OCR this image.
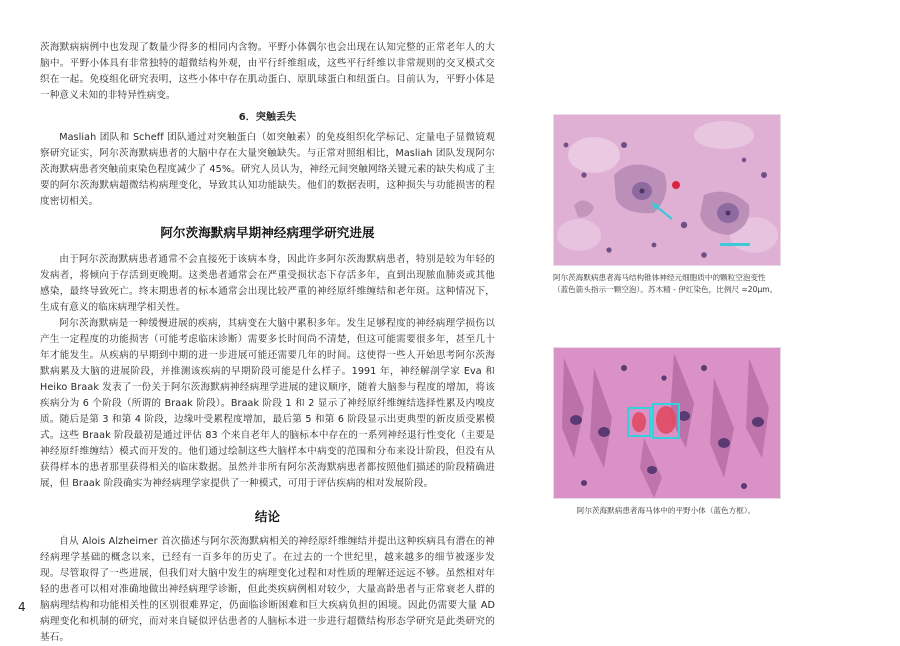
茨海默病病例中也发现了数量少得多的相同内含物。平野小体偶尔也会出现在认知完整的正常老年人的大脑中。平野小体具有非常独特的超微结构外观，由平行纤维组成，这些平行纤维以非常规则的交叉模式交织在一起。免疫组化研究表明，这些小体中存在肌动蛋白、原肌球蛋白和纽蛋白。目前认为，平野小体是一种意义未知的非特异性病变。

6．突触丢失

Masliah 团队和 Scheff 团队通过对突触蛋白（如突触素）的免疫组织化学标记、定量电子显微镜观察研究证实，阿尔茨海默病患者的大脑中存在大量突触缺失。与正常对照组相比，Masliah 团队发现阿尔茨海默病患者突触前束染色程度减少了 45%。研究人员认为，神经元间突触网络关键元素的缺失构成了主要的阿尔茨海默病超微结构病理变化，导致其认知功能缺失。他们的数据表明，这种损失与功能损害的程度密切相关。

阿尔茨海默病早期神经病理学研究进展

由于阿尔茨海默病患者通常不会直接死于该病本身，因此许多阿尔茨海默病患者，特别是较为年轻的发病者，将倾向于存活到更晚期。这类患者通常会在严重受损状态下存活多年，直到出现脓血肺炎或其他感染，最终导致死亡。终末期患者的标本通常会出现比较严重的神经原纤维缠结和老年斑。这种情况下，生成有意义的临床病理学相关性。

阿尔茨海默病是一种缓慢进展的疾病，其病变在大脑中累积多年。发生足够程度的神经病理学损伤以产生一定程度的功能损害（可能考虑临床诊断）需要多长时间尚不清楚，但这可能需要很多年，甚至几十年才能发生。从疾病的早期到中期的进一步进展可能还需要几年的时间。这使得一些人开始思考阿尔茨海默病累及大脑的进展阶段，并推测该疾病的早期阶段可能是什么样子。1991 年，神经解剖学家 Eva 和 Heiko Braak 发表了一份关于阿尔茨海默病神经病理学进展的建议顺序，随着大脑参与程度的增加，将该疾病分为 6 个阶段（所谓的 Braak 阶段）。Braak 阶段 1 和 2 显示了神经原纤维缠结选择性累及内嗅皮质。随后是第 3 和第 4 阶段，边缘叶受累程度增加，最后第 5 和第 6 阶段显示出更典型的新皮质受累模式。这些 Braak 阶段最初是通过评估 83 个来自老年人的脑标本中存在的一系列神经退行性变化（主要是神经原纤维缠结）模式而开发的。他们通过绘制这些大脑样本中病变的范围和分布来设计阶段，但没有从获得样本的患者那里获得相关的临床数据。虽然并非所有阿尔茨海默病患者都按照他们描述的阶段精确进展，但 Braak 阶段确实为神经病理学家提供了一种模式，可用于评估疾病的相对发展阶段。

结论

自从 Alois Alzheimer 首次描述与阿尔茨海默病相关的神经原纤维缠结并提出这种疾病具有潜在的神经病理学基础的概念以来，已经有一百多年的历史了。在过去的一个世纪里，越来越多的细节被逐步发现。尽管取得了一些进展，但我们对大脑中发生的病理变化过程和对性质的理解还远远不够。虽然相对年轻的患者可以相对准确地做出神经病理学诊断，但此类疾病例相对较少，大量高龄患者与正常衰老人群的脑病理结构和功能相关性的区别很难界定，仍面临诊断困难和巨大疾病负担的困境。因此仍需要大量 AD 病理变化和机制的研究，而对来自疑似评估患者的人脑标本进一步进行超微结构形态学研究是此类研究的基石。

4
阿尔茨海默病患者海马结构锥体神经元细胞质中的颗粒空泡变性（蓝色箭头指示一颗空泡）。苏木精 - 伊红染色，比例尺 =20μm。
阿尔茨海默病患者海马体中的平野小体（蓝色方框）。
